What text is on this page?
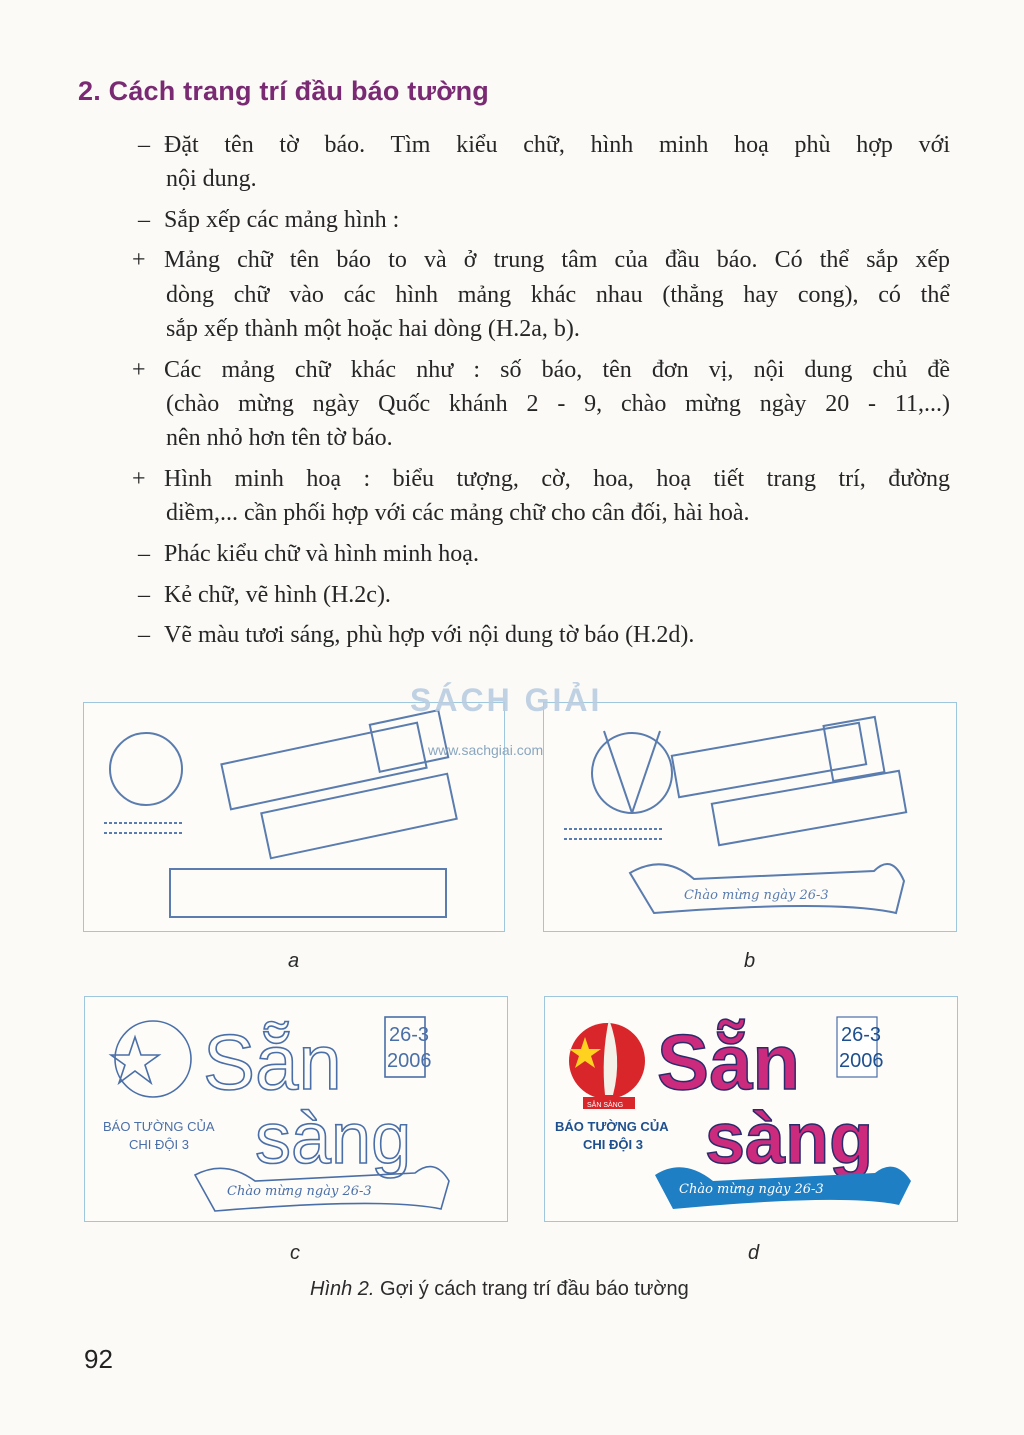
2. Cách trang trí đầu báo tường
– Đặt tên tờ báo. Tìm kiểu chữ, hình minh hoạ phù hợp với
nội dung.
– Sắp xếp các mảng hình :
+ Mảng chữ tên báo to và ở trung tâm của đầu báo. Có thể sắp xếp
dòng chữ vào các hình mảng khác nhau (thẳng hay cong), có thể
sắp xếp thành một hoặc hai dòng (H.2a, b).
+ Các mảng chữ khác như : số báo, tên đơn vị, nội dung chủ đề
(chào mừng ngày Quốc khánh 2 - 9, chào mừng ngày 20 - 11,...)
nên nhỏ hơn tên tờ báo.
+ Hình minh hoạ : biểu tượng, cờ, hoa, hoạ tiết trang trí, đường
diềm,... cần phối hợp với các mảng chữ cho cân đối, hài hoà.
– Phác kiểu chữ và hình minh hoạ.
– Kẻ chữ, vẽ hình (H.2c).
– Vẽ màu tươi sáng, phù hợp với nội dung tờ báo (H.2d).
a
Chào mừng ngày 26-3
b
Sẵn
sàng
26-3
2006
BÁO TƯỜNG CỦA
CHI ĐỘI 3
Chào mừng ngày 26-3
c
SẴN SÀNG
26-3
2006
Sẵn
sàng
BÁO TƯỜNG CỦA
CHI ĐỘI 3
Chào mừng ngày 26-3
d
SÁCH GIẢI
www.sachgiai.com
Hình 2. Gợi ý cách trang trí đầu báo tường
92
